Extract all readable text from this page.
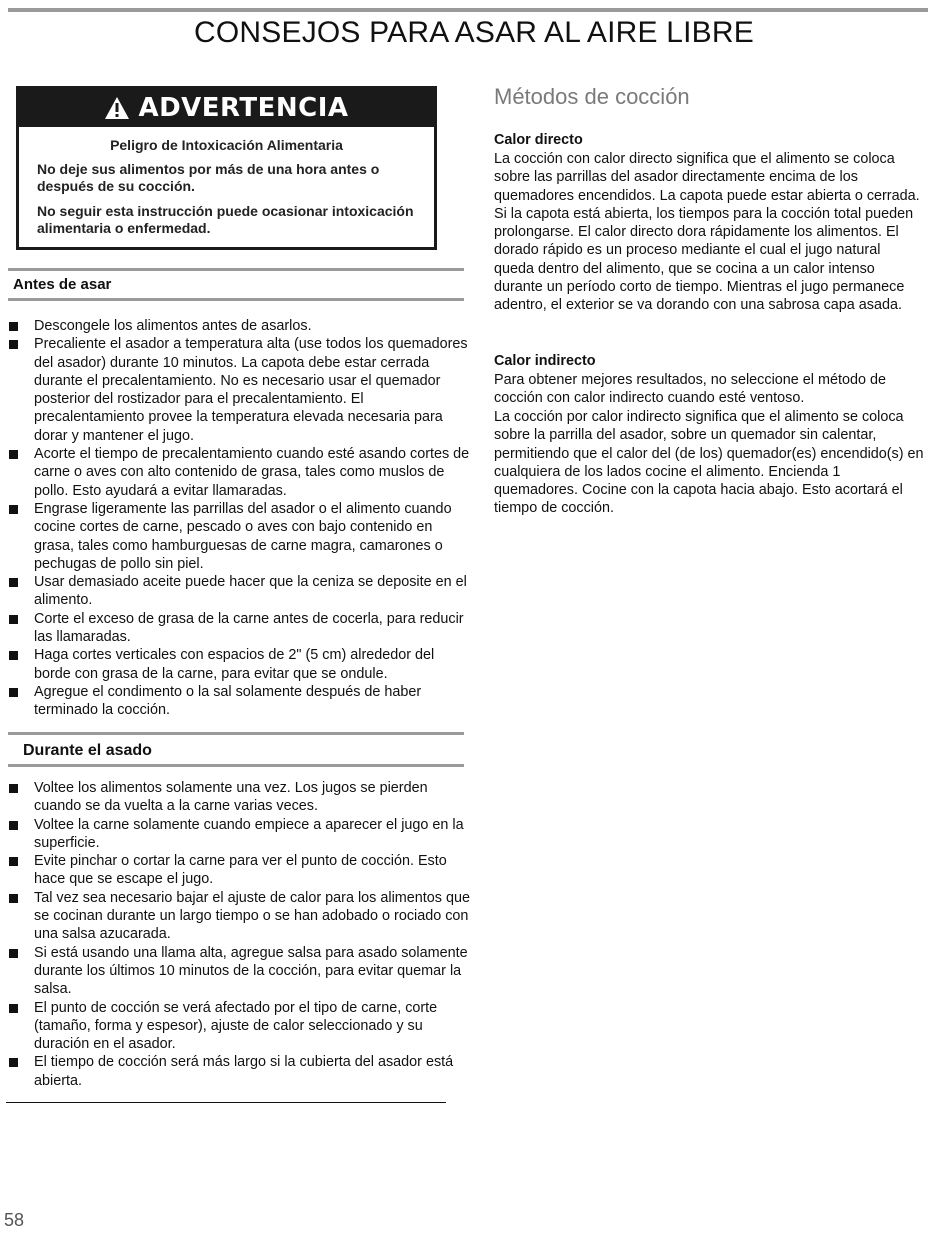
CONSEJOS PARA ASAR AL AIRE LIBRE
ADVERTENCIA
Peligro de Intoxicación Alimentaria
No deje sus alimentos por más de una hora antes o después de su cocción.
No seguir esta instrucción puede ocasionar intoxicación alimentaria o enfermedad.
Antes de asar
Descongele los alimentos antes de asarlos.
Precaliente el asador a temperatura alta (use todos los quemadores del asador) durante 10 minutos. La capota debe estar cerrada durante el precalentamiento. No es necesario usar el quemador posterior del rostizador para el precalentamiento. El precalentamiento provee la temperatura elevada necesaria para dorar y mantener el jugo.
Acorte el tiempo de precalentamiento cuando esté asando cortes de carne o aves con alto contenido de grasa, tales como muslos de pollo. Esto ayudará a evitar llamaradas.
Engrase ligeramente las parrillas del asador o el alimento cuando cocine cortes de carne, pescado o aves con bajo contenido en grasa, tales como hamburguesas de carne magra, camarones o pechugas de pollo sin piel.
Usar demasiado aceite puede hacer que la ceniza se deposite en el alimento.
Corte el exceso de grasa de la carne antes de cocerla, para reducir las llamaradas.
Haga cortes verticales con espacios de 2" (5 cm) alrededor del borde con grasa de la carne, para evitar que se ondule.
Agregue el condimento o la sal solamente después de haber terminado la cocción.
Durante el asado
Voltee los alimentos solamente una vez. Los jugos se pierden cuando se da vuelta a la carne varias veces.
Voltee la carne solamente cuando empiece a aparecer el jugo en la superficie.
Evite pinchar o cortar la carne para ver el punto de cocción. Esto hace que se escape el jugo.
Tal vez sea necesario bajar el ajuste de calor para los alimentos que se cocinan durante un largo tiempo o se han adobado o rociado con una salsa azucarada.
Si está usando una llama alta, agregue salsa para asado solamente durante los últimos 10 minutos de la cocción, para evitar quemar la salsa.
El punto de cocción se verá afectado por el tipo de carne, corte (tamaño, forma y espesor), ajuste de calor seleccionado y su duración en el asador.
El tiempo de cocción será más largo si la cubierta del asador está abierta.
58
Métodos de cocción
Calor directo

La cocción con calor directo significa que el alimento se coloca sobre las parrillas del asador directamente encima de los quemadores encendidos. La capota puede estar abierta o cerrada. Si la capota está abierta, los tiempos para la cocción total pueden prolongarse. El calor directo dora rápidamente los alimentos. El dorado rápido es un proceso mediante el cual el jugo natural queda dentro del alimento, que se cocina a un calor intenso durante un período corto de tiempo. Mientras el jugo permanece adentro, el exterior se va dorando con una sabrosa capa asada.

Calor indirecto

Para obtener mejores resultados, no seleccione el método de cocción con calor indirecto cuando esté ventoso.

La cocción por calor indirecto significa que el alimento se coloca sobre la parrilla del asador, sobre un quemador sin calentar, permitiendo que el calor del (de los) quemador(es) encendido(s) en cualquiera de los lados cocine el alimento. Encienda 1 quemadores. Cocine con la capota hacia abajo. Esto acortará el tiempo de cocción.
